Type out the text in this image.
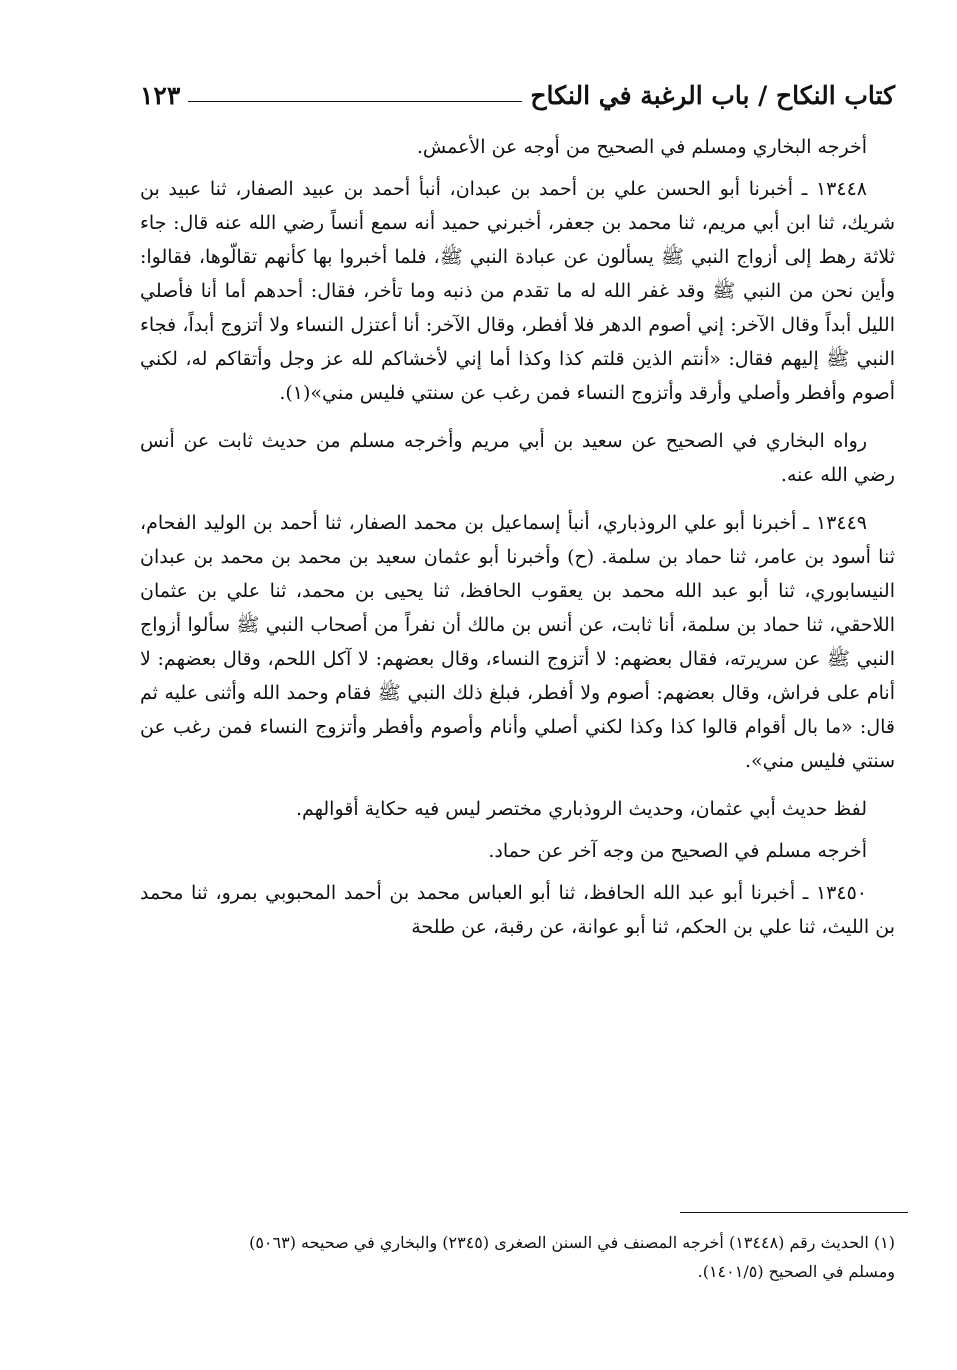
كتاب النكاح / باب الرغبة في النكاح
١٢٣

أخرجه البخاري ومسلم في الصحيح من أوجه عن الأعمش.

١٣٤٤٨ ـ أخبرنا أبو الحسن علي بن أحمد بن عبدان، أنبأ أحمد بن عبيد الصفار، ثنا عبيد بن شريك، ثنا ابن أبي مريم، ثنا محمد بن جعفر، أخبرني حميد أنه سمع أنساً رضي الله عنه قال: جاء ثلاثة رهط إلى أزواج النبي ﷺ يسألون عن عبادة النبي ﷺ، فلما أخبروا بها كأنهم تقالّوها، فقالوا: وأين نحن من النبي ﷺ وقد غفر الله له ما تقدم من ذنبه وما تأخر، فقال: أحدهم أما أنا فأصلي الليل أبداً وقال الآخر: إني أصوم الدهر فلا أفطر، وقال الآخر: أنا أعتزل النساء ولا أتزوج أبداً، فجاء النبي ﷺ إليهم فقال: «أنتم الذين قلتم كذا وكذا أما إني لأخشاكم لله عز وجل وأتقاكم له، لكني أصوم وأفطر وأصلي وأرقد وأتزوج النساء فمن رغب عن سنتي فليس مني»(١).

رواه البخاري في الصحيح عن سعيد بن أبي مريم وأخرجه مسلم من حديث ثابت عن أنس رضي الله عنه.

١٣٤٤٩ ـ أخبرنا أبو علي الروذباري، أنبأ إسماعيل بن محمد الصفار، ثنا أحمد بن الوليد الفحام، ثنا أسود بن عامر، ثنا حماد بن سلمة. (ح) وأخبرنا أبو عثمان سعيد بن محمد بن محمد بن عبدان النيسابوري، ثنا أبو عبد الله محمد بن يعقوب الحافظ، ثنا يحيى بن محمد، ثنا علي بن عثمان اللاحقي، ثنا حماد بن سلمة، أنا ثابت، عن أنس بن مالك أن نفراً من أصحاب النبي ﷺ سألوا أزواج النبي ﷺ عن سريرته، فقال بعضهم: لا أتزوج النساء، وقال بعضهم: لا آكل اللحم، وقال بعضهم: لا أنام على فراش، وقال بعضهم: أصوم ولا أفطر، فبلغ ذلك النبي ﷺ فقام وحمد الله وأثنى عليه ثم قال: «ما بال أقوام قالوا كذا وكذا لكني أصلي وأنام وأصوم وأفطر وأتزوج النساء فمن رغب عن سنتي فليس مني».

لفظ حديث أبي عثمان، وحديث الروذباري مختصر ليس فيه حكاية أقوالهم.

أخرجه مسلم في الصحيح من وجه آخر عن حماد.

١٣٤٥٠ ـ أخبرنا أبو عبد الله الحافظ، ثنا أبو العباس محمد بن أحمد المحبوبي بمرو، ثنا محمد بن الليث، ثنا علي بن الحكم، ثنا أبو عوانة، عن رقبة، عن طلحة

(١) الحديث رقم (١٣٤٤٨) أخرجه المصنف في السنن الصغرى (٢٣٤٥) والبخاري في صحيحه (٥٠٦٣)

ومسلم في الصحيح (١٤٠١/٥).
